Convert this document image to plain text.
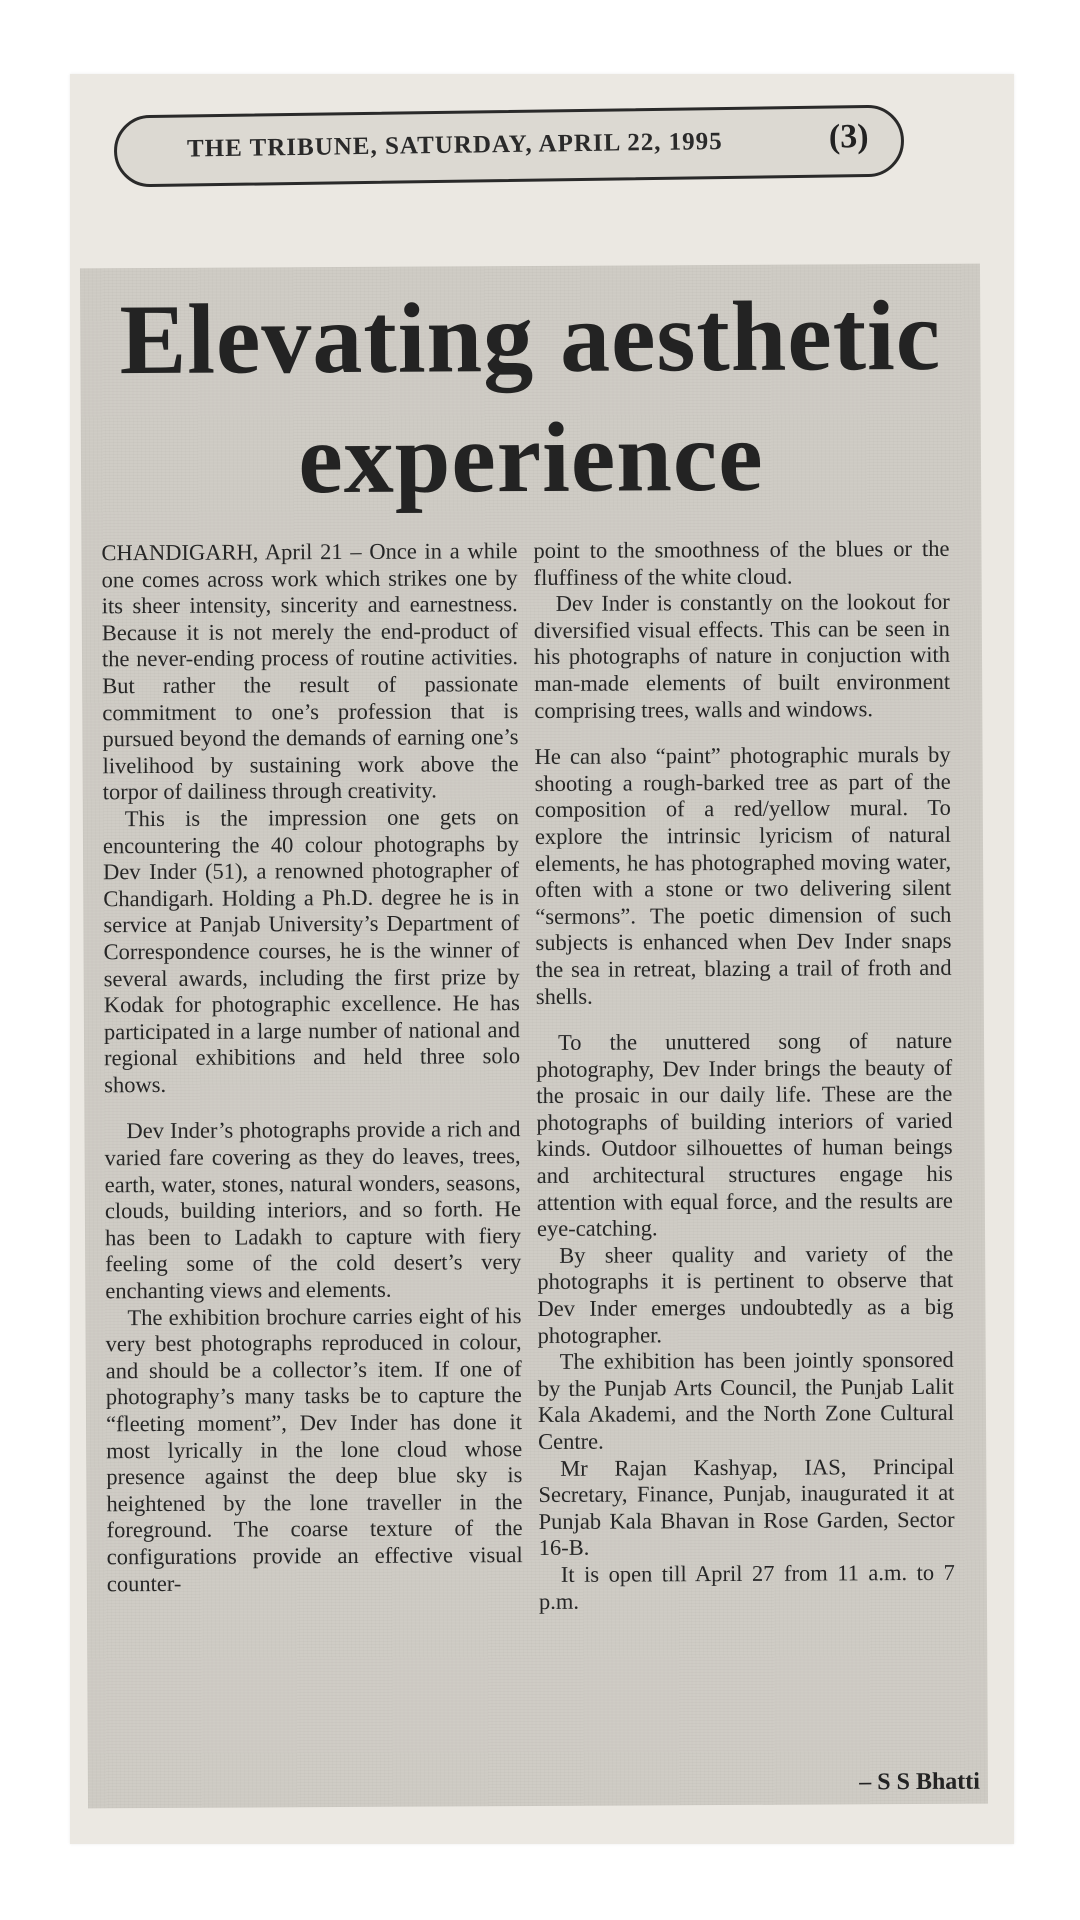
THE TRIBUNE, SATURDAY, APRIL 22, 1995	(3)
Elevating aesthetic
experience

CHANDIGARH, April 21 – Once in a while one comes across work which strikes one by its sheer intensity, sincerity and earnestness. Because it is not merely the end-product of the never-ending process of routine activities. But rather the result of passionate commitment to one’s profession that is pursued beyond the demands of earning one’s livelihood by sustaining work above the torpor of dailiness through creativity.

This is the impression one gets on encountering the 40 colour photographs by Dev Inder (51), a renowned photographer of Chandigarh. Holding a Ph.D. degree he is in service at Panjab University’s Department of Correspondence courses, he is the winner of several awards, including the first prize by Kodak for photographic excellence. He has participated in a large number of national and regional exhibitions and held three solo shows.

Dev Inder’s photographs provide a rich and varied fare covering as they do leaves, trees, earth, water, stones, natural wonders, seasons, clouds, building interiors, and so forth. He has been to Ladakh to capture with fiery feeling some of the cold desert’s very enchanting views and elements.

The exhibition brochure carries eight of his very best photographs reproduced in colour, and should be a collector’s item. If one of photography’s many tasks be to capture the “fleeting moment”, Dev Inder has done it most lyrically in the lone cloud whose presence against the deep blue sky is heightened by the lone traveller in the foreground. The coarse texture of the configurations provide an effective visual counter-

point to the smoothness of the blues or the fluffiness of the white cloud.

Dev Inder is constantly on the lookout for diversified visual effects. This can be seen in his photographs of nature in conjuction with man-made elements of built environment comprising trees, walls and windows.

He can also “paint” photographic murals by shooting a rough-barked tree as part of the composition of a red/yellow mural. To explore the intrinsic lyricism of natural elements, he has photographed moving water, often with a stone or two delivering silent “sermons”. The poetic dimension of such subjects is enhanced when Dev Inder snaps the sea in retreat, blazing a trail of froth and shells.

To the unuttered song of nature photography, Dev Inder brings the beauty of the prosaic in our daily life. These are the photographs of building interiors of varied kinds. Outdoor silhouettes of human beings and architectural structures engage his attention with equal force, and the results are eye-catching.

By sheer quality and variety of the photographs it is pertinent to observe that Dev Inder emerges undoubtedly as a big photographer.

The exhibition has been jointly sponsored by the Punjab Arts Council, the Punjab Lalit Kala Akademi, and the North Zone Cultural Centre.

Mr Rajan Kashyap, IAS, Principal Secretary, Finance, Punjab, inaugurated it at Punjab Kala Bhavan in Rose Garden, Sector 16-B.

It is open till April 27 from 11 a.m. to 7 p.m.

– S S Bhatti
